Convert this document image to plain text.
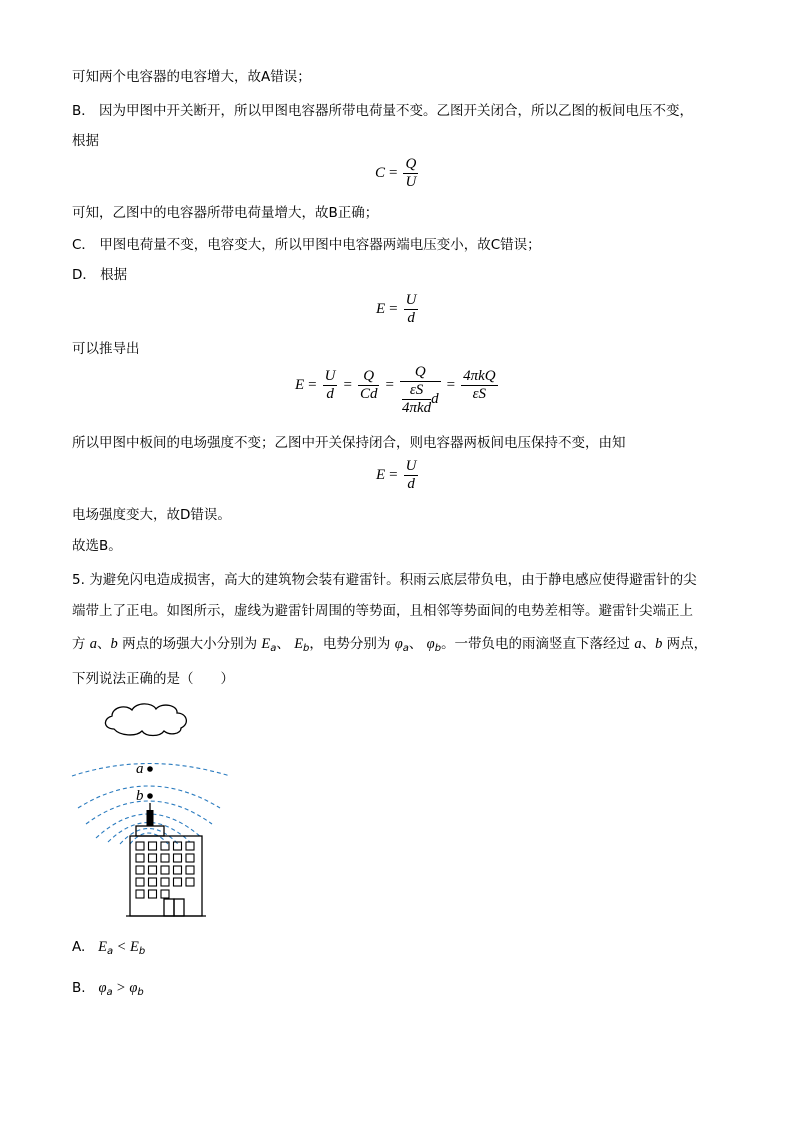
可知两个电容器的电容增大，故A错误；
B． 因为甲图中开关断开，所以甲图电容器所带电荷量不变。乙图开关闭合，所以乙图的板间电压不变，
根据
$C = \frac{Q}{U}$
可知，乙图中的电容器所带电荷量增大，故B正确；
C． 甲图电荷量不变，电容变大，所以甲图中电容器两端电压变小，故C错误；
D． 根据
$E = \frac{U}{d}$
可以推导出
$E = \frac{U}{d} = \frac{Q}{Cd} = Q$
εS
4πkd
$d = \frac{\text{4πkQ}}{\varepsilon S}$
所以甲图中板间的电场强度不变；乙图中开关保持闭合，则电容器两板间电压保持不变，由知
$E = \frac{U}{d}$
电场强度变大，故D错误。
故选B。
5. 为避免闪电造成损害，高大的建筑物会装有避雷针。积雨云底层带负电，由于静电感应使得避雷针的尖
端带上了正电。如图所示，虚线为避雷针周围的等势面，且相邻等势面间的电势差相等。避雷针尖端正上
方 a、b 两点的场强大小分别为 $E_a$、 $E_b$，电势分别为 $\varphi_a$、 $\varphi_b$。一带负电的雨滴竖直下落经过 a、b 两点，
下列说法正确的是（　　）
a
b
A. $E_a < E_b$
B. $\varphi_a > \varphi_b$
